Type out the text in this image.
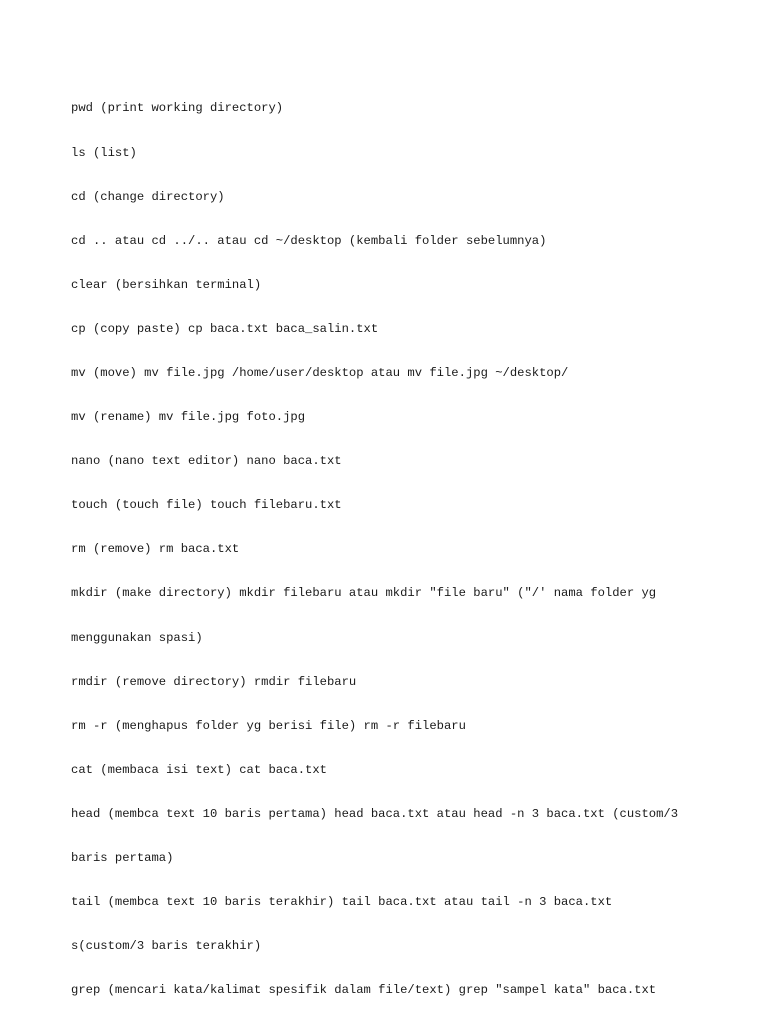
pwd (print working directory)

ls (list)

cd (change directory)

cd .. atau cd ../.. atau cd ~/desktop (kembali folder sebelumnya)

clear (bersihkan terminal)

cp (copy paste) cp baca.txt baca_salin.txt

mv (move) mv file.jpg /home/user/desktop atau mv file.jpg ~/desktop/

mv (rename) mv file.jpg foto.jpg

nano (nano text editor) nano baca.txt

touch (touch file) touch filebaru.txt

rm (remove) rm baca.txt

mkdir (make directory) mkdir filebaru atau mkdir "file baru" ("/' nama folder yg

menggunakan spasi)

rmdir (remove directory) rmdir filebaru

rm -r (menghapus folder yg berisi file) rm -r filebaru

cat (membaca isi text) cat baca.txt

head (membca text 10 baris pertama) head baca.txt atau head -n 3 baca.txt (custom/3

baris pertama)

tail (membca text 10 baris terakhir) tail baca.txt atau tail -n 3 baca.txt

s(custom/3 baris terakhir)

grep (mencari kata/kalimat spesifik dalam file/text) grep "sampel kata" baca.txt
